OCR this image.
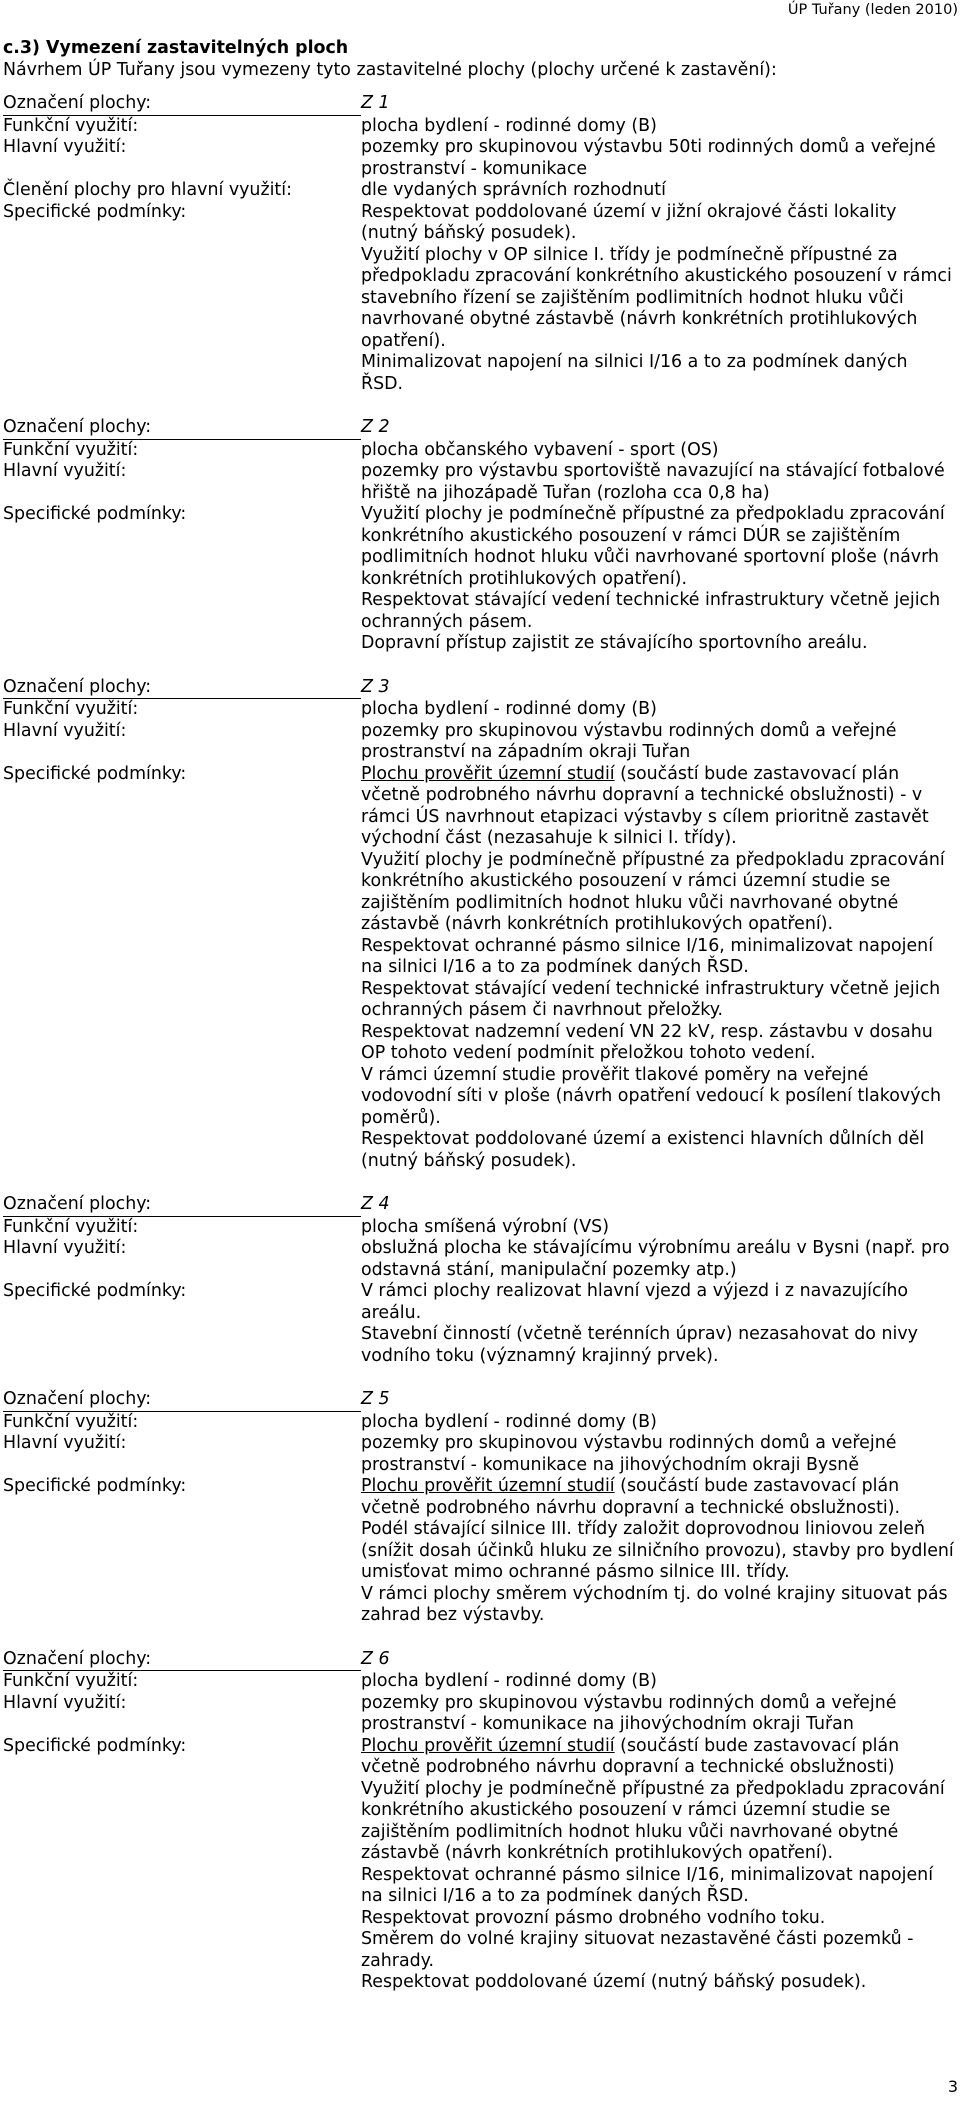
ÚP Tuřany (leden 2010)
c.3) Vymezení zastavitelných ploch
Návrhem ÚP Tuřany jsou vymezeny tyto zastavitelné plochy (plochy určené k zastavění):
Označení plochy:	Z 1
Funkční využití:	plocha bydlení - rodinné domy (B)
Hlavní využití:	pozemky pro skupinovou výstavbu 50ti rodinných domů a veřejné prostranství - komunikace
Členění plochy pro hlavní využití:	dle vydaných správních rozhodnutí
Specifické podmínky:	Respektovat poddolované území v jižní okrajové části lokality (nutný báňský posudek).
Využití plochy v OP silnice I. třídy je podmínečně přípustné za předpokladu zpracování konkrétního akustického posouzení v rámci stavebního řízení se zajištěním podlimitních hodnot hluku vůči navrhované obytné zástavbě (návrh konkrétních protihlukových opatření).
Minimalizovat napojení na silnici I/16 a to za podmínek daných ŘSD.
Označení plochy:	Z 2
Funkční využití:	plocha občanského vybavení - sport (OS)
Hlavní využití:	pozemky pro výstavbu sportoviště navazující na stávající fotbalové hřiště na jihozápadě Tuřan (rozloha cca 0,8 ha)
Specifické podmínky:	Využití plochy je podmínečně přípustné za předpokladu zpracování konkrétního akustického posouzení v rámci DÚR se zajištěním podlimitních hodnot hluku vůči navrhované sportovní ploše (návrh konkrétních protihlukových opatření).
Respektovat stávající vedení technické infrastruktury včetně jejich ochranných pásem.
Dopravní přístup zajistit ze stávajícího sportovního areálu.
Označení plochy:	Z 3
Funkční využití:	plocha bydlení - rodinné domy (B)
Hlavní využití:	pozemky pro skupinovou výstavbu rodinných domů a veřejné prostranství na západním okraji Tuřan
Specifické podmínky:	Plochu prověřit územní studií (součástí bude zastavovací plán včetně podrobného návrhu dopravní a technické obslužnosti) - v rámci ÚS navrhnout etapizaci výstavby s cílem prioritně zastavět východní část (nezasahuje k silnici I. třídy).
Využití plochy je podmínečně přípustné za předpokladu zpracování konkrétního akustického posouzení v rámci územní studie se zajištěním podlimitních hodnot hluku vůči navrhované obytné zástavbě (návrh konkrétních protihlukových opatření).
Respektovat ochranné pásmo silnice I/16, minimalizovat napojení na silnici I/16 a to za podmínek daných ŘSD.
Respektovat stávající vedení technické infrastruktury včetně jejich ochranných pásem či navrhnout přeložky.
Respektovat nadzemní vedení VN 22 kV, resp. zástavbu v dosahu OP tohoto vedení podmínit přeložkou tohoto vedení.
V rámci územní studie prověřit tlakové poměry na veřejné vodovodní síti v ploše (návrh opatření vedoucí k posílení tlakových poměrů).
Respektovat poddolované území a existenci hlavních důlních děl (nutný báňský posudek).
Označení plochy:	Z 4
Funkční využití:	plocha smíšená výrobní (VS)
Hlavní využití:	obslužná plocha ke stávajícímu výrobnímu areálu v Bysni (např. pro odstavná stání, manipulační pozemky atp.)
Specifické podmínky:	V rámci plochy realizovat hlavní vjezd a výjezd i z navazujícího areálu.
Stavební činností (včetně terénních úprav) nezasahovat do nivy vodního toku (významný krajinný prvek).
Označení plochy:	Z 5
Funkční využití:	plocha bydlení - rodinné domy (B)
Hlavní využití:	pozemky pro skupinovou výstavbu rodinných domů a veřejné prostranství - komunikace na jihovýchodním okraji Bysně
Specifické podmínky:	Plochu prověřit územní studií (součástí bude zastavovací plán včetně podrobného návrhu dopravní a technické obslužnosti).
Podél stávající silnice III. třídy založit doprovodnou liniovou zeleň (snížit dosah účinků hluku ze silničního provozu), stavby pro bydlení umisťovat mimo ochranné pásmo silnice III. třídy.
V rámci plochy směrem východním tj. do volné krajiny situovat pás zahrad bez výstavby.
Označení plochy:	Z 6
Funkční využití:	plocha bydlení - rodinné domy (B)
Hlavní využití:	pozemky pro skupinovou výstavbu rodinných domů a veřejné prostranství - komunikace na jihovýchodním okraji Tuřan
Specifické podmínky:	Plochu prověřit územní studií (součástí bude zastavovací plán včetně podrobného návrhu dopravní a technické obslužnosti)
Využití plochy je podmínečně přípustné za předpokladu zpracování konkrétního akustického posouzení v rámci územní studie se zajištěním podlimitních hodnot hluku vůči navrhované obytné zástavbě (návrh konkrétních protihlukových opatření).
Respektovat ochranné pásmo silnice I/16, minimalizovat napojení na silnici I/16 a to za podmínek daných ŘSD.
Respektovat provozní pásmo drobného vodního toku.
Směrem do volné krajiny situovat nezastavěné části pozemků - zahrady.
Respektovat poddolované území (nutný báňský posudek).
3
